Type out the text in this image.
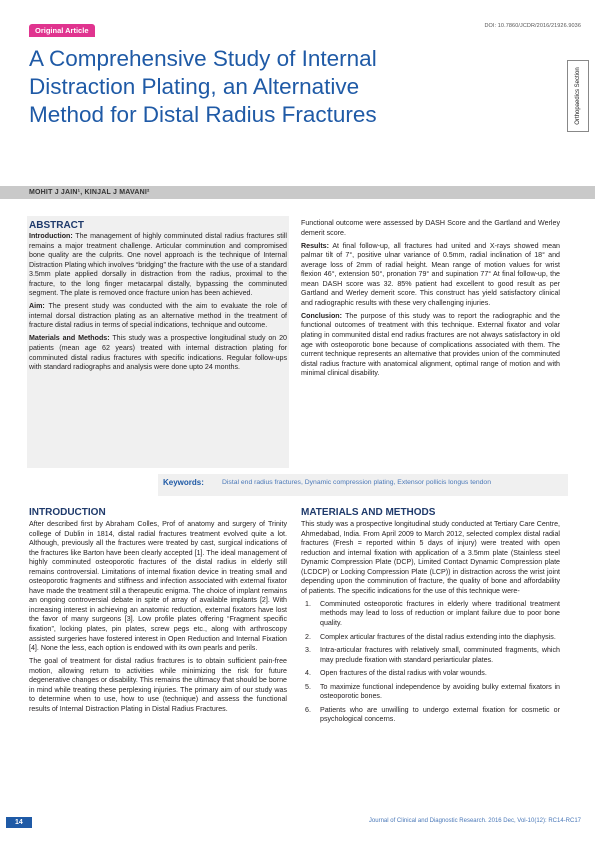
Original Article	DOI: 10.7860/JCDR/2016/21926.9036
A Comprehensive Study of Internal
Distraction Plating, an Alternative
Method for Distal Radius Fractures	Orthopaedics Section
MOHIT J JAIN¹, KINJAL J MAVANI²
ABSTRACT

Introduction: The management of highly comminuted distal radius fractures still remains a major treatment challenge. Articular comminution and compromised bone quality are the culprits. One novel approach is the technique of Internal Distraction Plating which involves “bridging” the fracture with the use of a standard 3.5mm plate applied dorsally in distraction from the radius, proximal to the fracture, to the long finger metacarpal distally, bypassing the comminuted segment. The plate is removed once fracture union has been achieved.

Aim: The present study was conducted with the aim to evaluate the role of internal dorsal distraction plating as an alternative method in the treatment of fracture distal radius in terms of special indications, technique and outcome.

Materials and Methods: This study was a prospective longitudinal study on 20 patients (mean age 62 years) treated with internal distraction plating for comminuted distal radius fractures with specific indications. Regular follow-ups with standard radiographs and analysis were done upto 24 months.

Functional outcome were assessed by DASH Score and the Gartland and Werley demerit score.

Results: At final follow-up, all fractures had united and X-rays showed mean palmar tilt of 7°, positive ulnar variance of 0.5mm, radial inclination of 18° and average loss of 2mm of radial height. Mean range of motion values for wrist flexion 46°, extension 50°, pronation 79° and supination 77° At final follow-up, the mean DASH score was 32. 85% patient had excellent to good result as per Gartland and Werley demerit score. This construct has yield satisfactory clinical and radiographic results with these very challenging injuries.

Conclusion: The purpose of this study was to report the radiographic and the functional outcomes of treatment with this technique. External fixator and volar plating in communited distal end radius fractures are not always satisfactory in old age with osteoporotic bone because of complications associated with them. The current technique represents an alternative that provides union of the comminuted distal radius fracture with anatomical alignment, optimal range of motion and with minimal clinical disability.

Keywords:	Distal end radius fractures, Dynamic compression plating, Extensor pollicis longus tendon
INTRODUCTION

After described first by Abraham Colles, Prof of anatomy and surgery of Trinity college of Dublin in 1814, distal radial fractures treatment evolved quite a lot. Although, previously all the fractures were treated by cast, surgical indications of the fractures like Barton have been clearly accepted [1]. The ideal management of highly comminuted osteoporotic fractures of the distal radius in elderly still remains controversial. Limitations of internal fixation device in treating small and osteoporotic fragments and stiffness and infection associated with external fixator have made the treatment still a therapeutic enigma. The choice of implant remains an ongoing controversial debate in spite of array of available implants [2]. With increasing interest in achieving an anatomic reduction, external fixators have lost the favor of many surgeons [3]. Low profile plates offering “Fragment specific fixation”, locking plates, pin plates, screw pegs etc., along with arthroscopy assisted surgeries have fostered interest in Open Reduction and Internal Fixation [4]. None the less, each option is endowed with its own pearls and perils.

The goal of treatment for distal radius fractures is to obtain sufficient pain-free motion, allowing return to activities while minimizing the risk for future degenerative changes or disability. This remains the ultimacy that should be borne in mind while treating these perplexing injuries. The primary aim of our study was to determine when to use, how to use (technique) and assess the functional results of Internal Distraction Plating in Distal Radius Fractures.

MATERIALS AND METHODS

This study was a prospective longitudinal study conducted at Tertiary Care Centre, Ahmedabad, India. From April 2009 to March 2012, selected complex distal radial fractures (Fresh = reported within 5 days of injury) were treated with open reduction and internal fixation with application of a 3.5mm plate (Stainless steel Dynamic Compression Plate (DCP), Limited Contact Dynamic Compression plate (LCDCP) or Locking Compression Plate (LCP)) in distraction across the wrist joint depending upon the comminution of fracture, the quality of bone and affordability of patients. The specific indications for the use of this technique were-

1. Comminuted osteoporotic fractures in elderly where traditional treatment methods may lead to loss of reduction or implant failure due to poor bone quality.
2. Complex articular fractures of the distal radius extending into the diaphysis.
3. Intra-articular fractures with relatively small, comminuted fragments, which may preclude fixation with standard periarticular plates.
4. Open fractures of the distal radius with volar wounds.
5. To maximize functional independence by avoiding bulky external fixators in osteoporotic bones.
6. Patients who are unwilling to undergo external fixation for cosmetic or psychological concerns.
14	Journal of Clinical and Diagnostic Research. 2016 Dec, Vol-10(12): RC14-RC17
